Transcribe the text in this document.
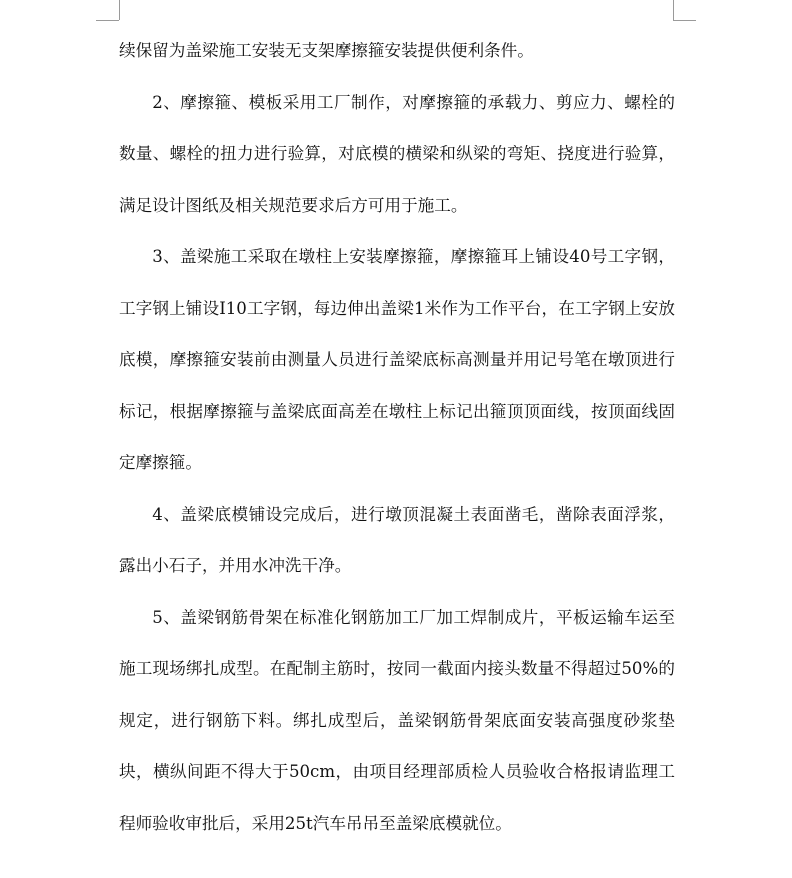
续保留为盖梁施工安装无支架摩擦箍安装提供便利条件。

2、摩擦箍、模板采用工厂制作，对摩擦箍的承载力、剪应力、螺栓的数量、螺栓的扭力进行验算，对底模的横梁和纵梁的弯矩、挠度进行验算，满足设计图纸及相关规范要求后方可用于施工。

3、盖梁施工采取在墩柱上安装摩擦箍，摩擦箍耳上铺设40号工字钢，工字钢上铺设I10工字钢，每边伸出盖梁1米作为工作平台，在工字钢上安放底模，摩擦箍安装前由测量人员进行盖梁底标高测量并用记号笔在墩顶进行标记，根据摩擦箍与盖梁底面高差在墩柱上标记出箍顶顶面线，按顶面线固定摩擦箍。

4、盖梁底模铺设完成后，进行墩顶混凝土表面凿毛，凿除表面浮浆，露出小石子，并用水冲洗干净。

5、盖梁钢筋骨架在标准化钢筋加工厂加工焊制成片，平板运输车运至施工现场绑扎成型。在配制主筋时，按同一截面内接头数量不得超过50%的规定，进行钢筋下料。绑扎成型后，盖梁钢筋骨架底面安装高强度砂浆垫块，横纵间距不得大于50cm，由项目经理部质检人员验收合格报请监理工程师验收审批后，采用25t汽车吊吊至盖梁底模就位。
